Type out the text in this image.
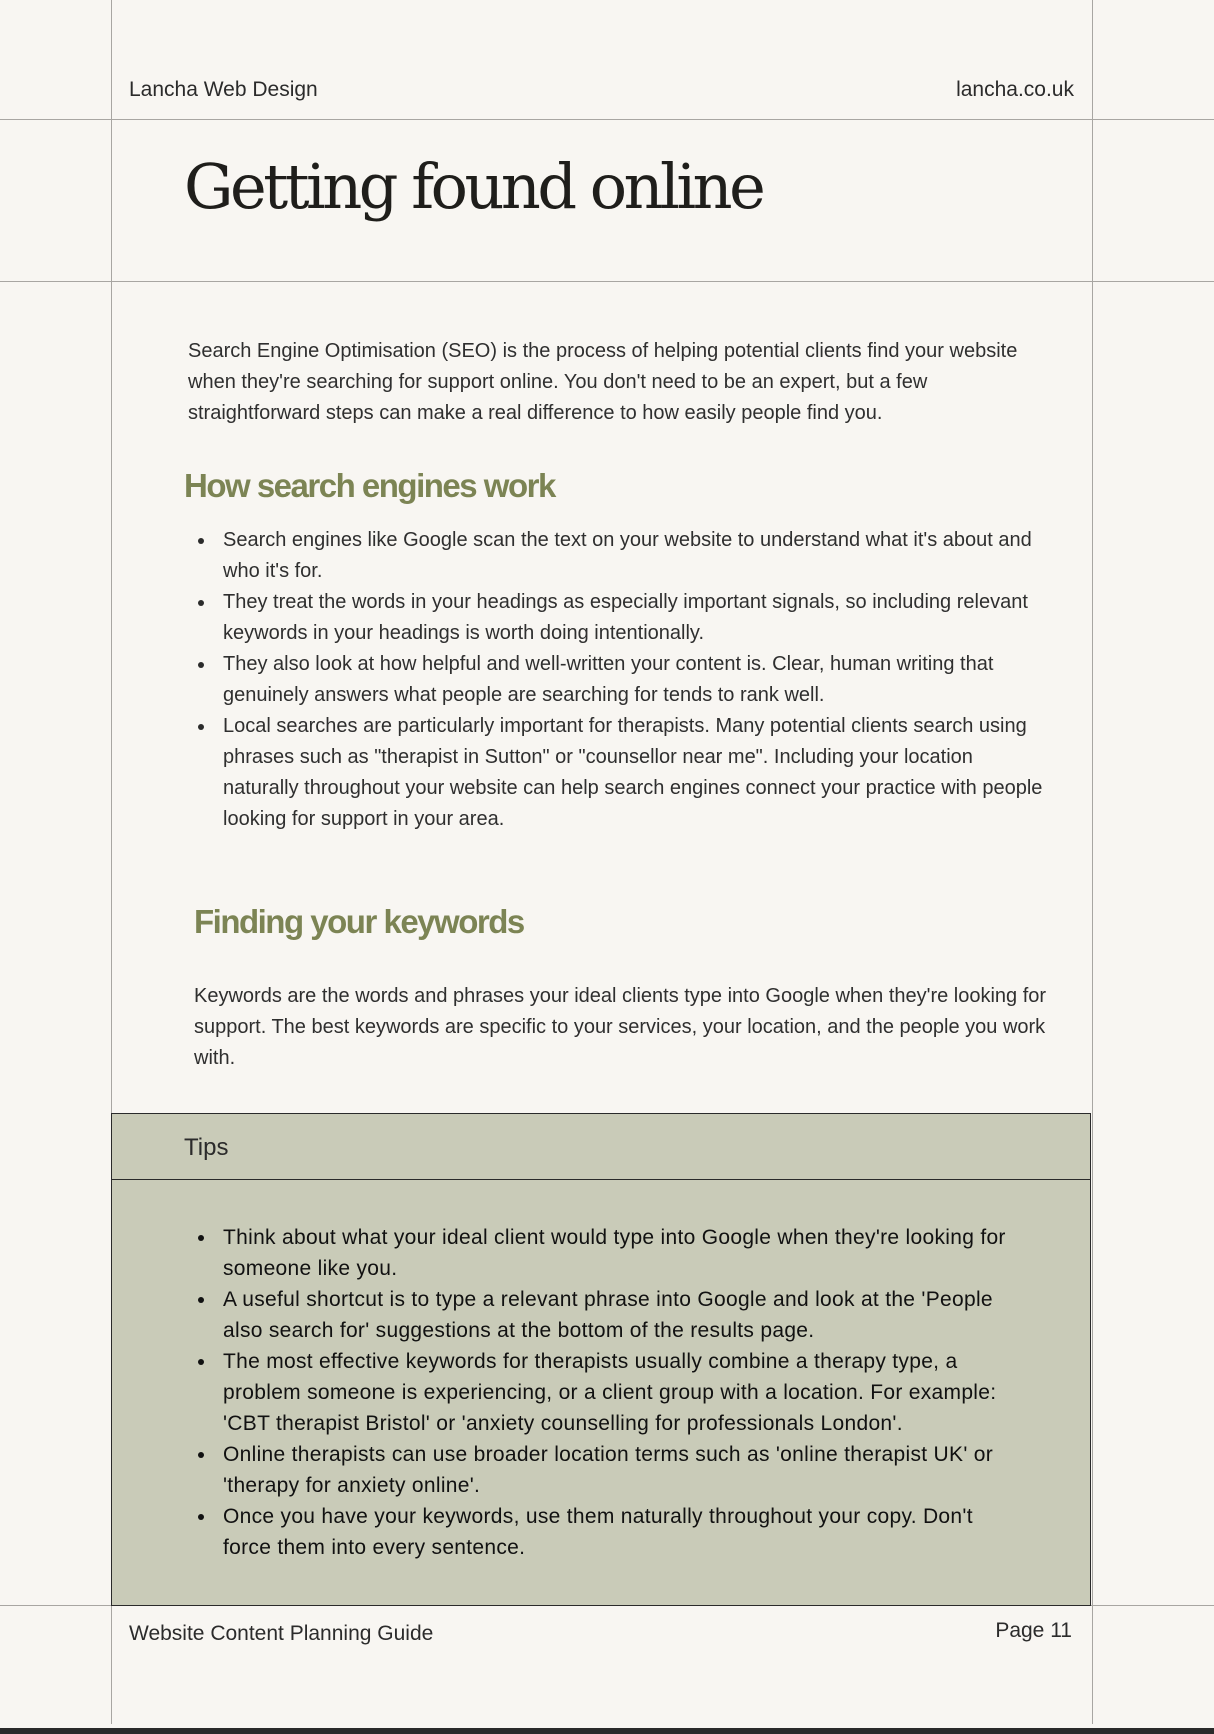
Lancha Web Design	lancha.co.uk
Getting found online

Search Engine Optimisation (SEO) is the process of helping potential clients find your website when they're searching for support online. You don't need to be an expert, but a few straightforward steps can make a real difference to how easily people find you.

How search engines work
Search engines like Google scan the text on your website to understand what it's about and who it's for.
They treat the words in your headings as especially important signals, so including relevant keywords in your headings is worth doing intentionally.
They also look at how helpful and well-written your content is. Clear, human writing that genuinely answers what people are searching for tends to rank well.
Local searches are particularly important for therapists. Many potential clients search using phrases such as "therapist in Sutton" or "counsellor near me". Including your location naturally throughout your website can help search engines connect your practice with people looking for support in your area.
Finding your keywords

Keywords are the words and phrases your ideal clients type into Google when they're looking for support. The best keywords are specific to your services, your location, and the people you work with.

Tips
Think about what your ideal client would type into Google when they're looking for someone like you.
A useful shortcut is to type a relevant phrase into Google and look at the 'People also search for' suggestions at the bottom of the results page.
The most effective keywords for therapists usually combine a therapy type, a problem someone is experiencing, or a client group with a location. For example: 'CBT therapist Bristol' or 'anxiety counselling for professionals London'.
Online therapists can use broader location terms such as 'online therapist UK' or 'therapy for anxiety online'.
Once you have your keywords, use them naturally throughout your copy. Don't force them into every sentence.
Website Content Planning Guide	Page 11
